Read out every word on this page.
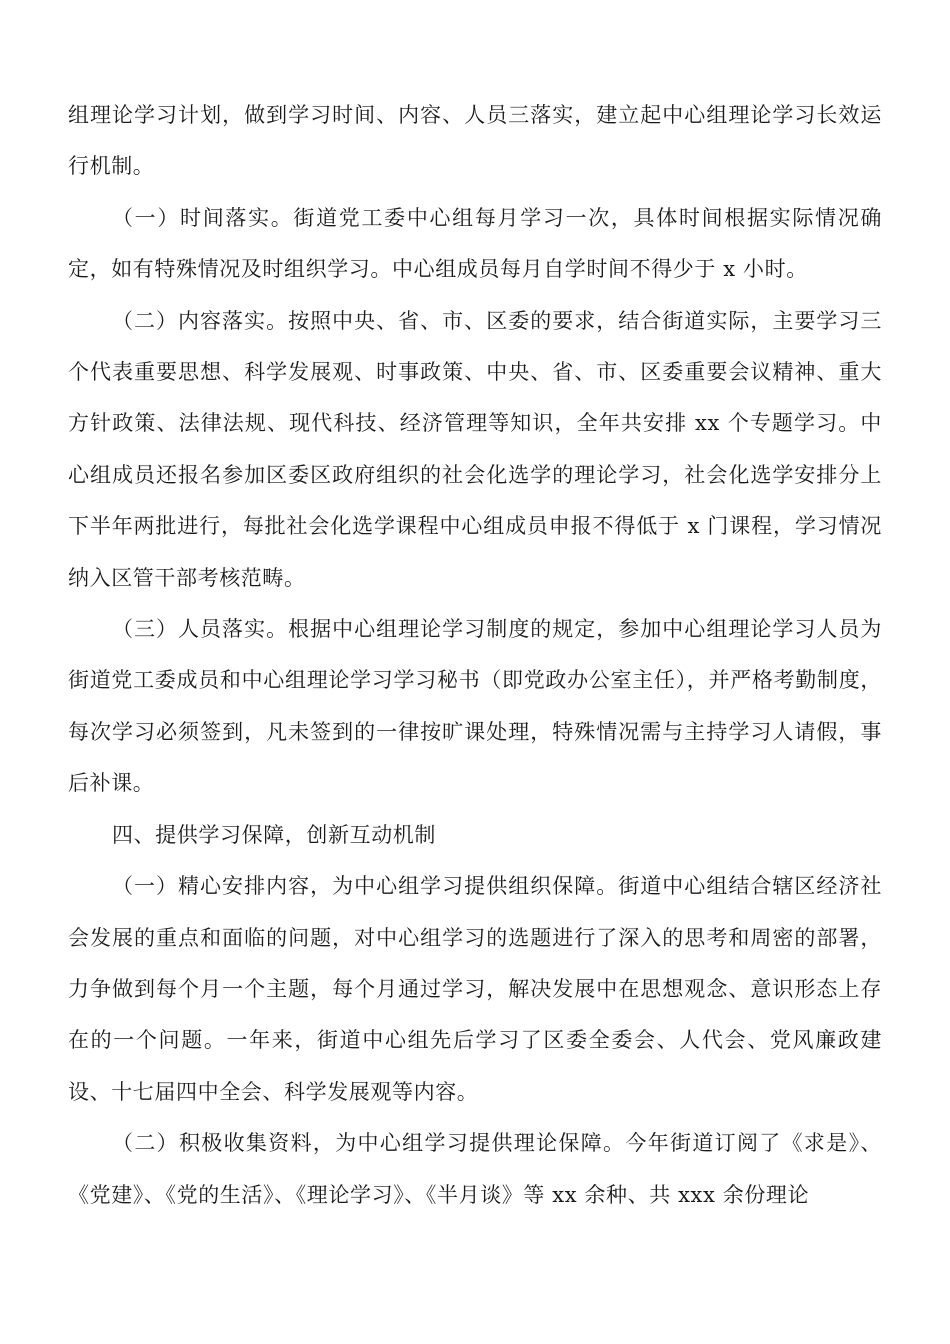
组理论学习计划，做到学习时间、内容、人员三落实，建立起中心组理论学习长效运行机制。

（一）时间落实。街道党工委中心组每月学习一次，具体时间根据实际情况确定，如有特殊情况及时组织学习。中心组成员每月自学时间不得少于 x 小时。

（二）内容落实。按照中央、省、市、区委的要求，结合街道实际，主要学习三个代表重要思想、科学发展观、时事政策、中央、省、市、区委重要会议精神、重大方针政策、法律法规、现代科技、经济管理等知识，全年共安排 xx 个专题学习。中心组成员还报名参加区委区政府组织的社会化选学的理论学习，社会化选学安排分上下半年两批进行，每批社会化选学课程中心组成员申报不得低于 x 门课程，学习情况纳入区管干部考核范畴。

（三）人员落实。根据中心组理论学习制度的规定，参加中心组理论学习人员为街道党工委成员和中心组理论学习学习秘书（即党政办公室主任），并严格考勤制度，每次学习必须签到，凡未签到的一律按旷课处理，特殊情况需与主持学习人请假，事后补课。

四、提供学习保障，创新互动机制

（一）精心安排内容，为中心组学习提供组织保障。街道中心组结合辖区经济社会发展的重点和面临的问题，对中心组学习的选题进行了深入的思考和周密的部署，力争做到每个月一个主题，每个月通过学习，解决发展中在思想观念、意识形态上存在的一个问题。一年来，街道中心组先后学习了区委全委会、人代会、党风廉政建设、十七届四中全会、科学发展观等内容。

（二）积极收集资料，为中心组学习提供理论保障。今年街道订阅了《求是》、《党建》、《党的生活》、《理论学习》、《半月谈》等 xx 余种、共 xxx 余份理论
